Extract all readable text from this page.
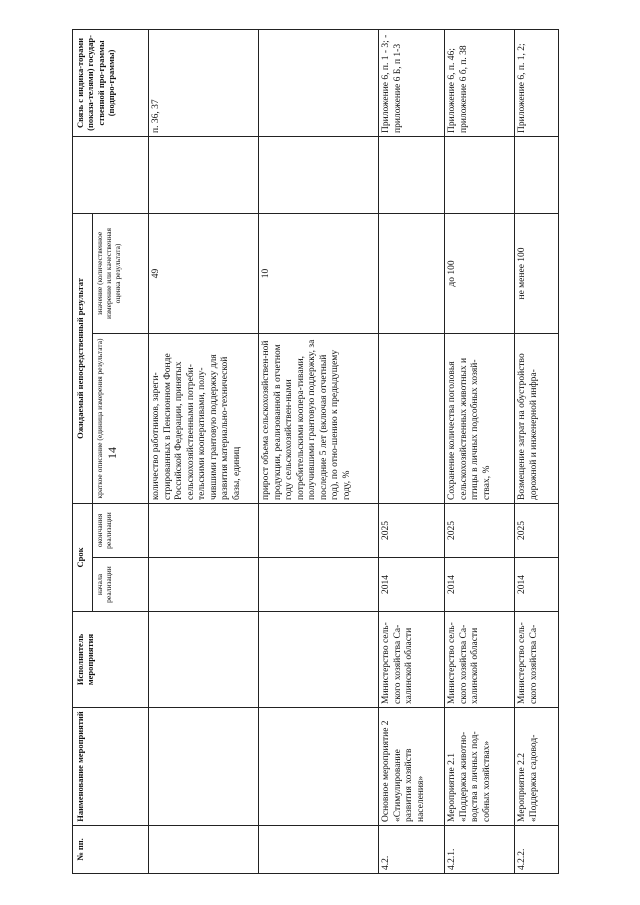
14
№ пп.	Наименование мероприятий	Исполнитель мероприятия	Срок		Ожидаемый непосредственный результат			Связь с индика-торами (показа-телями) государ-ственной про-граммы (подпро-граммы)
			начала реализации	окончания реализации	краткое описание (единица измерения результата)	значение (количественное измерение или качественная оценка результата)		
					количество работников, зареги-стрированных в Пенсионном Фонде Российской Федерации, принятых сельскохозяйственными потреби-тельскими кооперативами, полу-чившими грантовую поддержку для развития материально-технической базы, единиц	49		п. 36, 37
					прирост объема сельскохозяйствен-ной продукции, реализованной в отчетном году сельскохозяйствен-ными потребительскими коопера-тивами, получившими грантовую поддержку, за последние 5 лет (включая отчетный год), по отно-шению к предыдущему году, %	10		
4.2.	Основное мероприятие 2 «Стимулирование развития хозяйств населения»	Министерство сель-ского хозяйства Са-халинской области	2014	2025				Приложение 6, п. 1 - 3; - приложение 6 Б, п 1-3
4.2.1.	Мероприятие 2.1 «Поддержка животно-водства в личных под-собных хозяйствах»	Министерство сель-ского хозяйства Са-халинской области	2014	2025	Сохранение количества поголовья сельскохозяйственных животных и птицы в личных подсобных хозяй-ствах, %	до 100		Приложение 6, п. 46; приложение 6 б, п. 38
4.2.2.	Мероприятие 2.2 «Поддержка садовод-	Министерство сель-ского хозяйства Са-	2014	2025	Возмещение затрат на обустройство дорожной и инженерной инфра-	не менее 100		Приложение 6, п. 1, 2;
